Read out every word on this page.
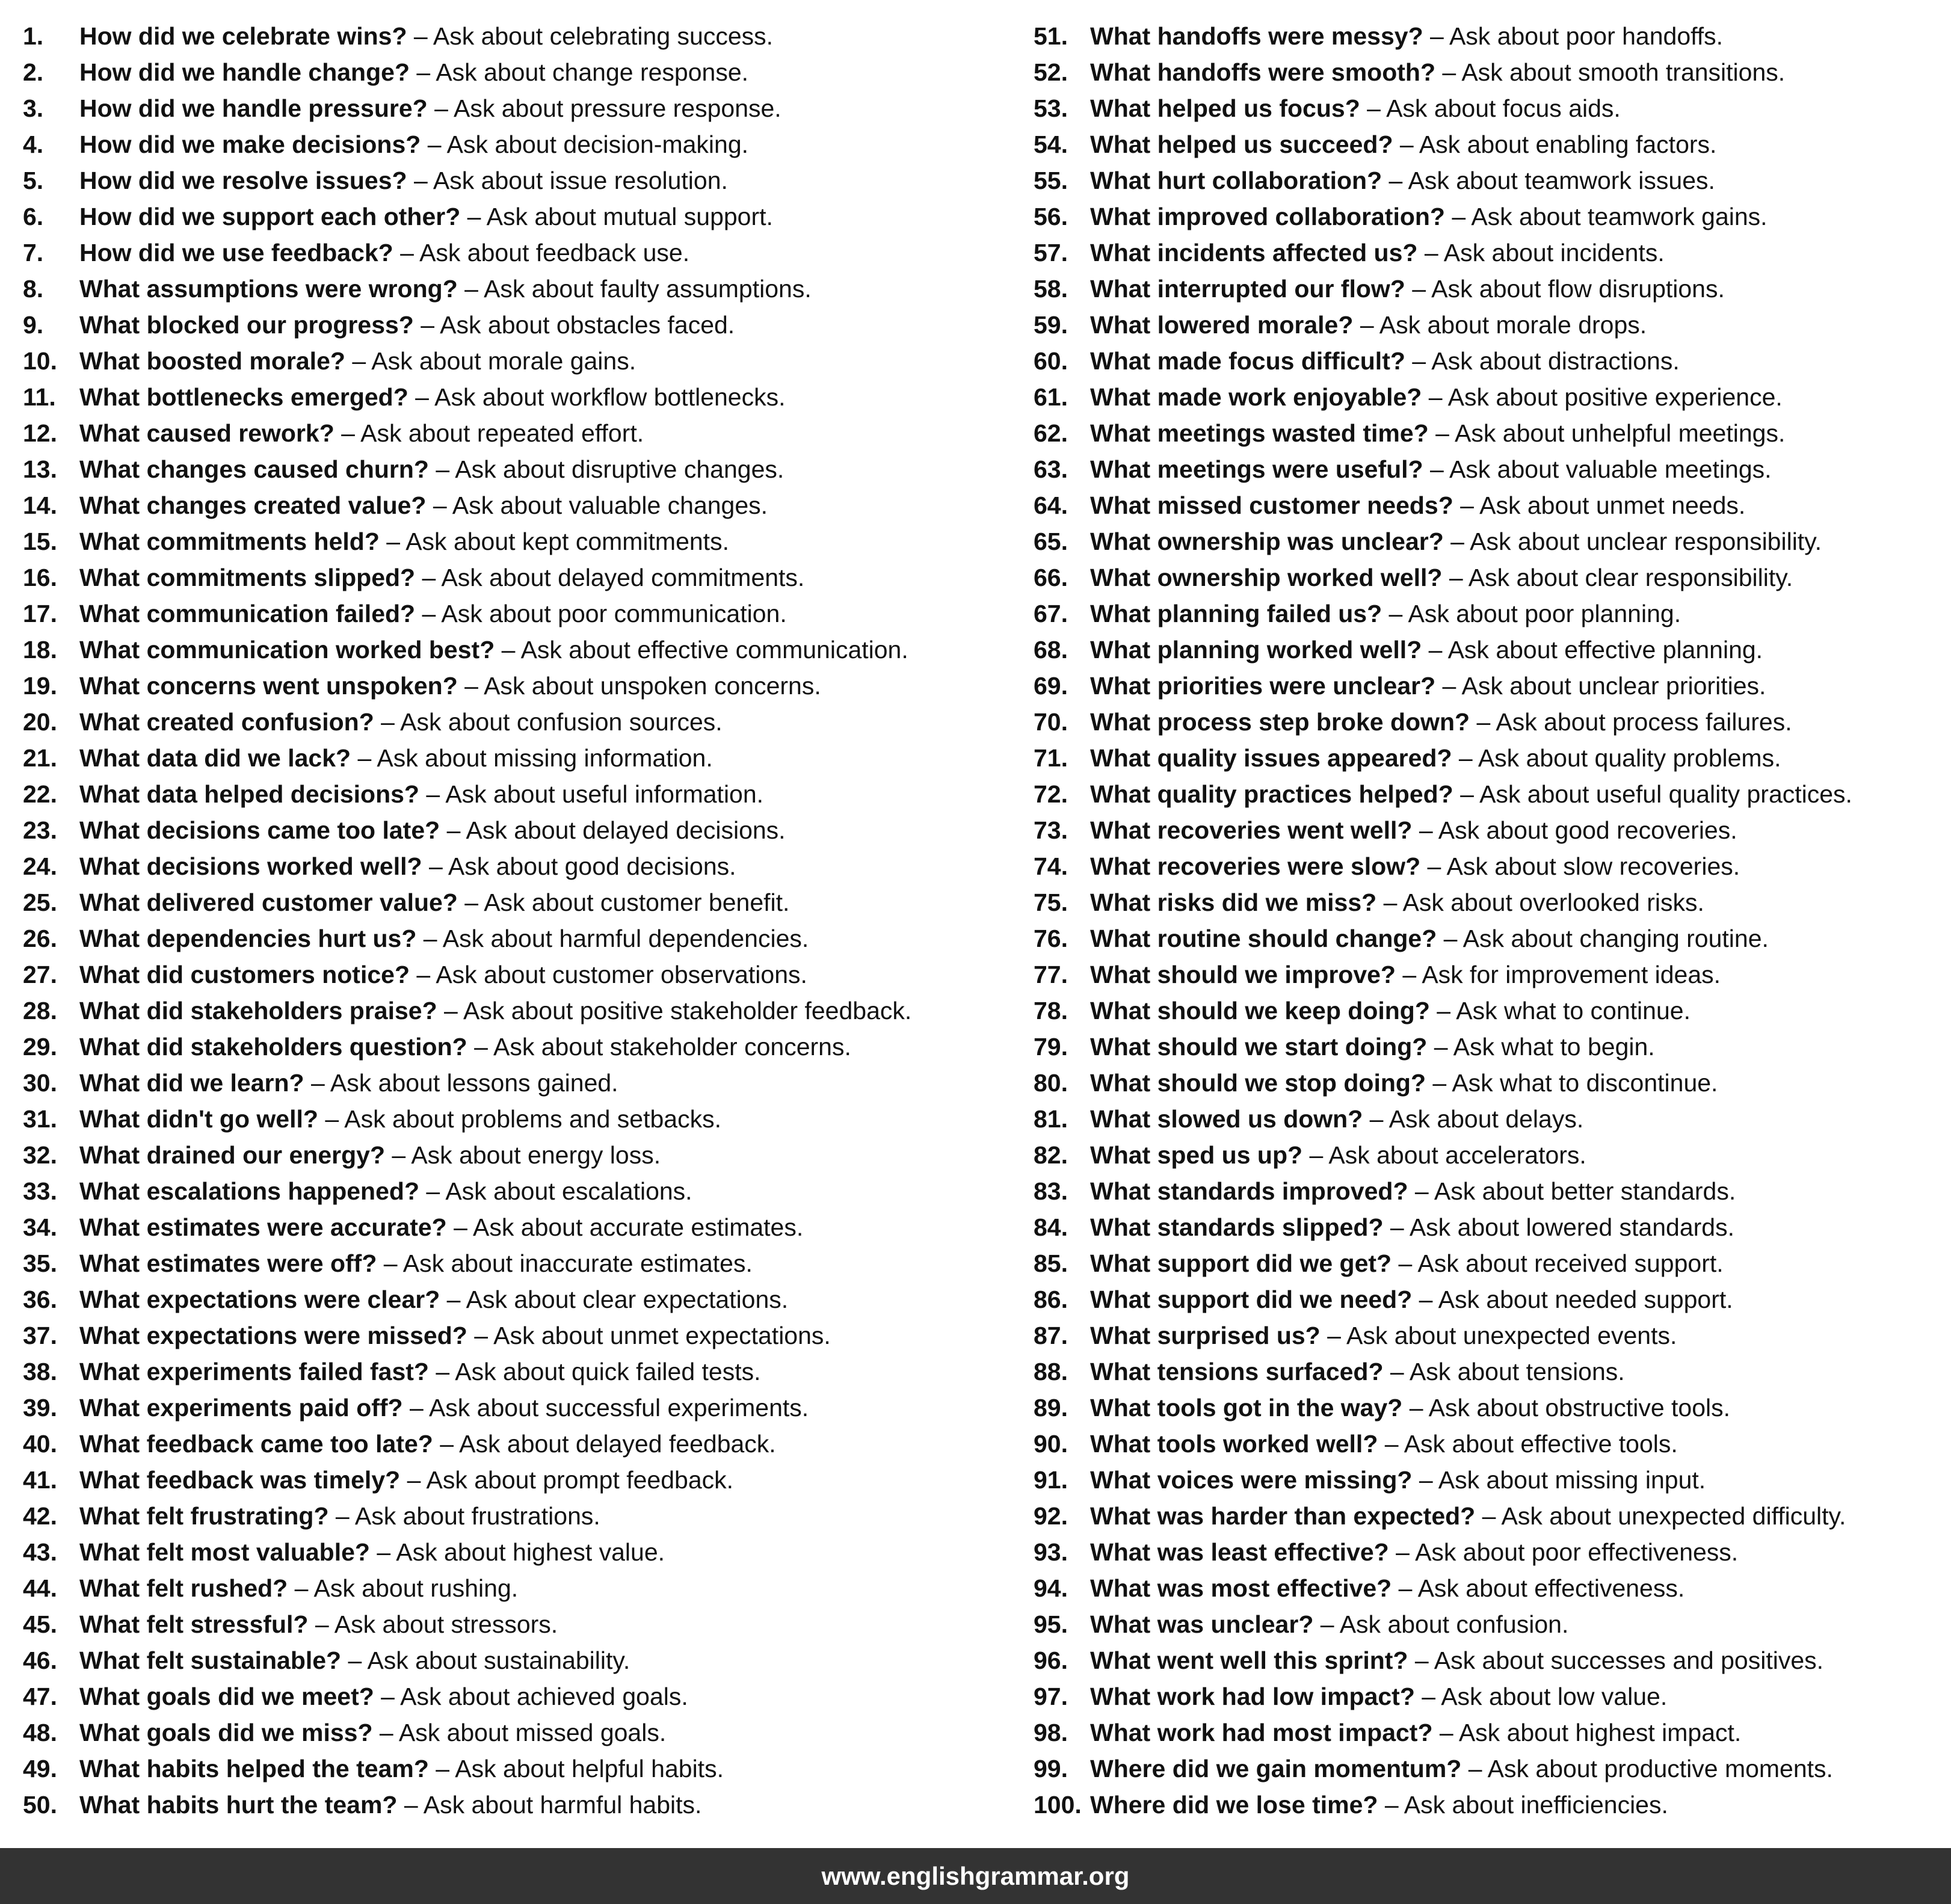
1. How did we celebrate wins? – Ask about celebrating success.
2. How did we handle change? – Ask about change response.
3. How did we handle pressure? – Ask about pressure response.
4. How did we make decisions? – Ask about decision-making.
5. How did we resolve issues? – Ask about issue resolution.
6. How did we support each other? – Ask about mutual support.
7. How did we use feedback? – Ask about feedback use.
8. What assumptions were wrong? – Ask about faulty assumptions.
9. What blocked our progress? – Ask about obstacles faced.
10. What boosted morale? – Ask about morale gains.
11. What bottlenecks emerged? – Ask about workflow bottlenecks.
12. What caused rework? – Ask about repeated effort.
13. What changes caused churn? – Ask about disruptive changes.
14. What changes created value? – Ask about valuable changes.
15. What commitments held? – Ask about kept commitments.
16. What commitments slipped? – Ask about delayed commitments.
17. What communication failed? – Ask about poor communication.
18. What communication worked best? – Ask about effective communication.
19. What concerns went unspoken? – Ask about unspoken concerns.
20. What created confusion? – Ask about confusion sources.
21. What data did we lack? – Ask about missing information.
22. What data helped decisions? – Ask about useful information.
23. What decisions came too late? – Ask about delayed decisions.
24. What decisions worked well? – Ask about good decisions.
25. What delivered customer value? – Ask about customer benefit.
26. What dependencies hurt us? – Ask about harmful dependencies.
27. What did customers notice? – Ask about customer observations.
28. What did stakeholders praise? – Ask about positive stakeholder feedback.
29. What did stakeholders question? – Ask about stakeholder concerns.
30. What did we learn? – Ask about lessons gained.
31. What didn't go well? – Ask about problems and setbacks.
32. What drained our energy? – Ask about energy loss.
33. What escalations happened? – Ask about escalations.
34. What estimates were accurate? – Ask about accurate estimates.
35. What estimates were off? – Ask about inaccurate estimates.
36. What expectations were clear? – Ask about clear expectations.
37. What expectations were missed? – Ask about unmet expectations.
38. What experiments failed fast? – Ask about quick failed tests.
39. What experiments paid off? – Ask about successful experiments.
40. What feedback came too late? – Ask about delayed feedback.
41. What feedback was timely? – Ask about prompt feedback.
42. What felt frustrating? – Ask about frustrations.
43. What felt most valuable? – Ask about highest value.
44. What felt rushed? – Ask about rushing.
45. What felt stressful? – Ask about stressors.
46. What felt sustainable? – Ask about sustainability.
47. What goals did we meet? – Ask about achieved goals.
48. What goals did we miss? – Ask about missed goals.
49. What habits helped the team? – Ask about helpful habits.
50. What habits hurt the team? – Ask about harmful habits.
51. What handoffs were messy? – Ask about poor handoffs.
52. What handoffs were smooth? – Ask about smooth transitions.
53. What helped us focus? – Ask about focus aids.
54. What helped us succeed? – Ask about enabling factors.
55. What hurt collaboration? – Ask about teamwork issues.
56. What improved collaboration? – Ask about teamwork gains.
57. What incidents affected us? – Ask about incidents.
58. What interrupted our flow? – Ask about flow disruptions.
59. What lowered morale? – Ask about morale drops.
60. What made focus difficult? – Ask about distractions.
61. What made work enjoyable? – Ask about positive experience.
62. What meetings wasted time? – Ask about unhelpful meetings.
63. What meetings were useful? – Ask about valuable meetings.
64. What missed customer needs? – Ask about unmet needs.
65. What ownership was unclear? – Ask about unclear responsibility.
66. What ownership worked well? – Ask about clear responsibility.
67. What planning failed us? – Ask about poor planning.
68. What planning worked well? – Ask about effective planning.
69. What priorities were unclear? – Ask about unclear priorities.
70. What process step broke down? – Ask about process failures.
71. What quality issues appeared? – Ask about quality problems.
72. What quality practices helped? – Ask about useful quality practices.
73. What recoveries went well? – Ask about good recoveries.
74. What recoveries were slow? – Ask about slow recoveries.
75. What risks did we miss? – Ask about overlooked risks.
76. What routine should change? – Ask about changing routine.
77. What should we improve? – Ask for improvement ideas.
78. What should we keep doing? – Ask what to continue.
79. What should we start doing? – Ask what to begin.
80. What should we stop doing? – Ask what to discontinue.
81. What slowed us down? – Ask about delays.
82. What sped us up? – Ask about accelerators.
83. What standards improved? – Ask about better standards.
84. What standards slipped? – Ask about lowered standards.
85. What support did we get? – Ask about received support.
86. What support did we need? – Ask about needed support.
87. What surprised us? – Ask about unexpected events.
88. What tensions surfaced? – Ask about tensions.
89. What tools got in the way? – Ask about obstructive tools.
90. What tools worked well? – Ask about effective tools.
91. What voices were missing? – Ask about missing input.
92. What was harder than expected? – Ask about unexpected difficulty.
93. What was least effective? – Ask about poor effectiveness.
94. What was most effective? – Ask about effectiveness.
95. What was unclear? – Ask about confusion.
96. What went well this sprint? – Ask about successes and positives.
97. What work had low impact? – Ask about low value.
98. What work had most impact? – Ask about highest impact.
99. Where did we gain momentum? – Ask about productive moments.
100. Where did we lose time? – Ask about inefficiencies.
www.englishgrammar.org
